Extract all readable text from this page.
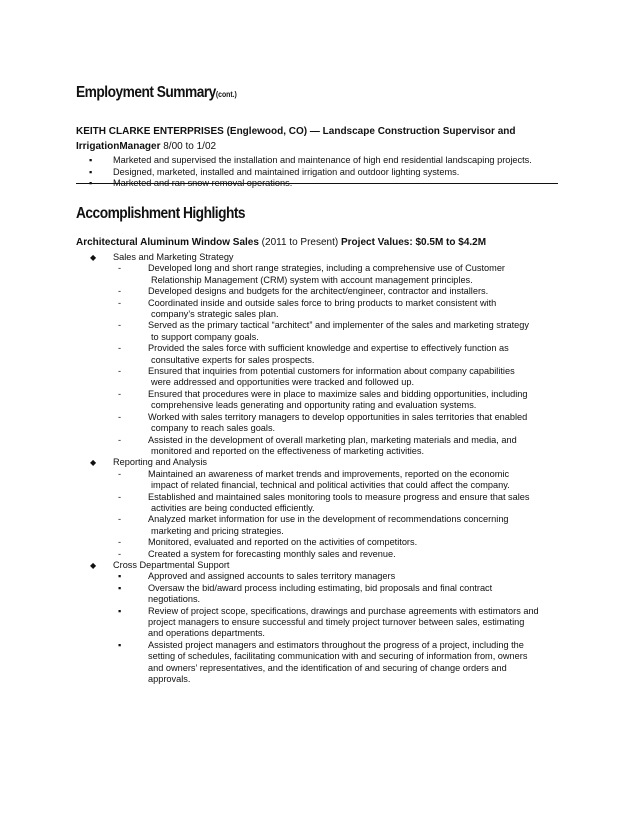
Employment Summary(cont.)
KEITH CLARKE ENTERPRISES (Englewood, CO) — Landscape Construction Supervisor and
IrrigationManager 8/00 to 1/02
▪ Marketed and supervised the installation and maintenance of high end residential landscaping projects.
▪ Designed, marketed, installed and maintained irrigation and outdoor lighting systems.
▪ Marketed and ran snow removal operations.
Accomplishment Highlights
Architectural Aluminum Window Sales (2011 to Present) Project Values: $0.5M to $4.2M
◆ Sales and Marketing Strategy
-	Developed long and short range strategies, including a comprehensive use of Customer
Relationship Management (CRM) system with account management principles.
-	Developed designs and budgets for the architect/engineer, contractor and installers.
-	Coordinated inside and outside sales force to bring products to market consistent with
company’s strategic sales plan.
-	Served as the primary tactical “architect” and implementer of the sales and marketing strategy
to support company goals.
-	Provided the sales force with sufficient knowledge and expertise to effectively function as
consultative experts for sales prospects.
-	Ensured that inquiries from potential customers for information about company capabilities
were addressed and opportunities were tracked and followed up.
-	Ensured that procedures were in place to maximize sales and bidding opportunities, including
comprehensive leads generating and opportunity rating and evaluation systems.
-	Worked with sales territory managers to develop opportunities in sales territories that enabled
company to reach sales goals.
-	Assisted in the development of overall marketing plan, marketing materials and media, and
monitored and reported on the effectiveness of marketing activities.
◆ Reporting and Analysis
-	Maintained an awareness of market trends and improvements, reported on the economic
impact of related financial, technical and political activities that could affect the company.
-	Established and maintained sales monitoring tools to measure progress and ensure that sales
activities are being conducted efficiently.
-	Analyzed market information for use in the development of recommendations concerning
marketing and pricing strategies.
-	Monitored, evaluated and reported on the activities of competitors.
-	Created a system for forecasting monthly sales and revenue.
◆ Cross Departmental Support
▪	Approved and assigned accounts to sales territory managers
▪	Oversaw the bid/award process including estimating, bid proposals and final contract
negotiations.
▪	Review of project scope, specifications, drawings and purchase agreements with estimators and
project managers to ensure successful and timely project turnover between sales, estimating
and operations departments.
▪	Assisted project managers and estimators throughout the progress of a project, including the
setting of schedules, facilitating communication with and securing of information from, owners
and owners’ representatives, and the identification of and securing of change orders and
approvals.
